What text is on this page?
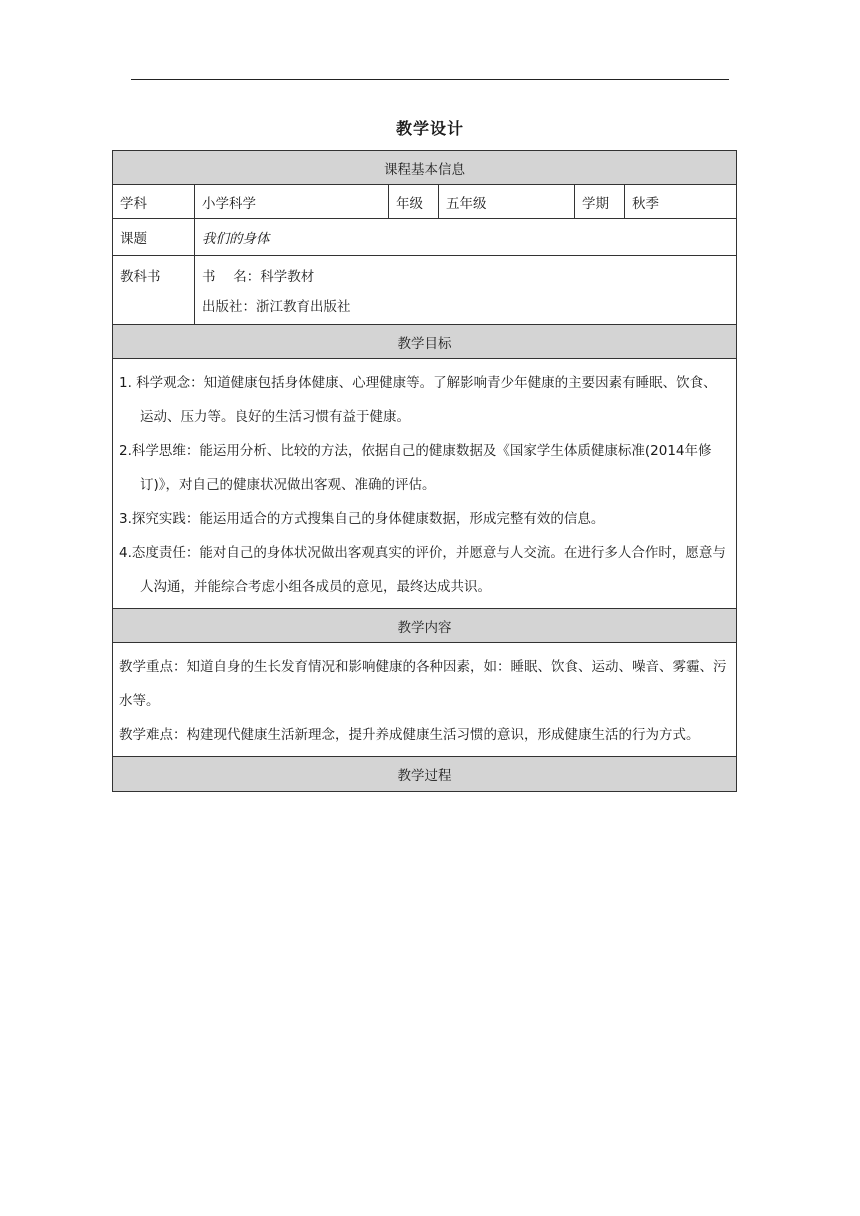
教学设计
课程基本信息
学科	小学科学	年级	五年级	学期	秋季
课题	我们的身体
教科书	书　 名：科学教材
出版社：浙江教育出版社
教学目标
1. 科学观念：知道健康包括身体健康、心理健康等。了解影响青少年健康的主要因素有睡眠、饮食、运动、压力等。良好的生活习惯有益于健康。
2.科学思维：能运用分析、比较的方法，依据自己的健康数据及《国家学生体质健康标准(2014年修订)》，对自己的健康状况做出客观、准确的评估。
3.探究实践：能运用适合的方式搜集自己的身体健康数据，形成完整有效的信息。
4.态度责任：能对自己的身体状况做出客观真实的评价，并愿意与人交流。在进行多人合作时，愿意与人沟通，并能综合考虑小组各成员的意见，最终达成共识。
教学内容
教学重点：知道自身的生长发育情况和影响健康的各种因素，如：睡眠、饮食、运动、噪音、雾霾、污水等。
教学难点：构建现代健康生活新理念，提升养成健康生活习惯的意识，形成健康生活的行为方式。
教学过程
